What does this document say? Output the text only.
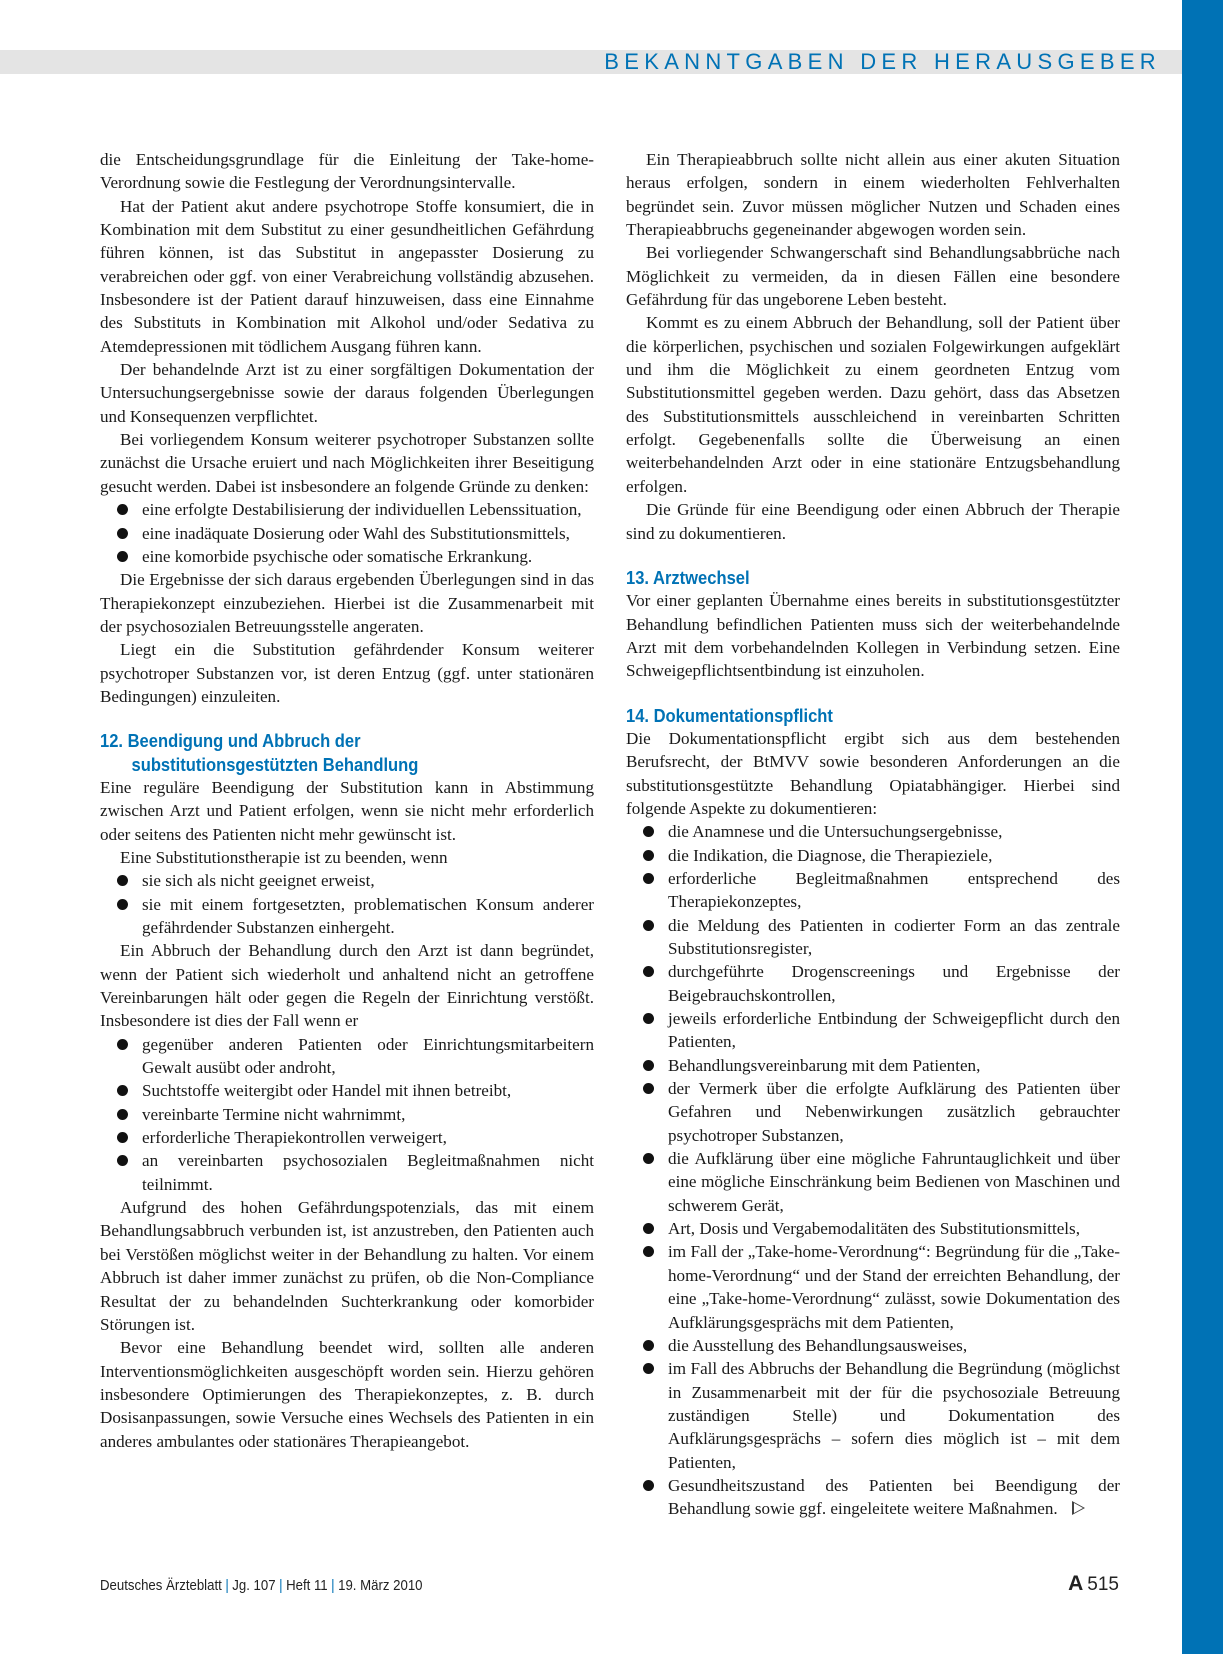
BEKANNTGABEN DER HERAUSGEBER

die Entscheidungsgrundlage für die Einleitung der Take-home-Verordnung sowie die Festlegung der Verordnungsintervalle.

Hat der Patient akut andere psychotrope Stoffe konsumiert, die in Kombination mit dem Substitut zu einer gesundheitlichen Gefährdung führen können, ist das Substitut in angepasster Dosierung zu verabreichen oder ggf. von einer Verabreichung vollständig abzusehen. Insbesondere ist der Patient darauf hinzuweisen, dass eine Einnahme des Substituts in Kombination mit Alkohol und/oder Sedativa zu Atemdepressionen mit tödlichem Ausgang führen kann.

Der behandelnde Arzt ist zu einer sorgfältigen Dokumentation der Untersuchungsergebnisse sowie der daraus folgenden Überlegungen und Konsequenzen verpflichtet.

Bei vorliegendem Konsum weiterer psychotroper Substanzen sollte zunächst die Ursache eruiert und nach Möglichkeiten ihrer Beseitigung gesucht werden. Dabei ist insbesondere an folgende Gründe zu denken:

eine erfolgte Destabilisierung der individuellen Lebenssituation,
eine inadäquate Dosierung oder Wahl des Substitutionsmittels,
eine komorbide psychische oder somatische Erkrankung.

Die Ergebnisse der sich daraus ergebenden Überlegungen sind in das Therapiekonzept einzubeziehen. Hierbei ist die Zusammenarbeit mit der psychosozialen Betreuungsstelle angeraten.

Liegt ein die Substitution gefährdender Konsum weiterer psychotroper Substanzen vor, ist deren Entzug (ggf. unter stationären Bedingungen) einzuleiten.

12. Beendigung und Abbruch der
substitutionsgestützten Behandlung

Eine reguläre Beendigung der Substitution kann in Abstimmung zwischen Arzt und Patient erfolgen, wenn sie nicht mehr erforderlich oder seitens des Patienten nicht mehr gewünscht ist.

Eine Substitutionstherapie ist zu beenden, wenn

sie sich als nicht geeignet erweist,
sie mit einem fortgesetzten, problematischen Konsum anderer gefährdender Substanzen einhergeht.

Ein Abbruch der Behandlung durch den Arzt ist dann begründet, wenn der Patient sich wiederholt und anhaltend nicht an getroffene Vereinbarungen hält oder gegen die Regeln der Einrichtung verstößt. Insbesondere ist dies der Fall wenn er

gegenüber anderen Patienten oder Einrichtungsmitarbeitern Gewalt ausübt oder androht,
Suchtstoffe weitergibt oder Handel mit ihnen betreibt,
vereinbarte Termine nicht wahrnimmt,
erforderliche Therapiekontrollen verweigert,
an vereinbarten psychosozialen Begleitmaßnahmen nicht teilnimmt.

Aufgrund des hohen Gefährdungspotenzials, das mit einem Behandlungsabbruch verbunden ist, ist anzustreben, den Patienten auch bei Verstößen möglichst weiter in der Behandlung zu halten. Vor einem Abbruch ist daher immer zunächst zu prüfen, ob die Non-Compliance Resultat der zu behandelnden Suchterkrankung oder komorbider Störungen ist.

Bevor eine Behandlung beendet wird, sollten alle anderen Interventionsmöglichkeiten ausgeschöpft worden sein. Hierzu gehören insbesondere Optimierungen des Therapiekonzeptes, z. B. durch Dosisanpassungen, sowie Versuche eines Wechsels des Patienten in ein anderes ambulantes oder stationäres Therapieangebot.

Ein Therapieabbruch sollte nicht allein aus einer akuten Situation heraus erfolgen, sondern in einem wiederholten Fehlverhalten begründet sein. Zuvor müssen möglicher Nutzen und Schaden eines Therapieabbruchs gegeneinander abgewogen worden sein.

Bei vorliegender Schwangerschaft sind Behandlungsabbrüche nach Möglichkeit zu vermeiden, da in diesen Fällen eine besondere Gefährdung für das ungeborene Leben besteht.

Kommt es zu einem Abbruch der Behandlung, soll der Patient über die körperlichen, psychischen und sozialen Folgewirkungen aufgeklärt und ihm die Möglichkeit zu einem geordneten Entzug vom Substitutionsmittel gegeben werden. Dazu gehört, dass das Absetzen des Substitutionsmittels ausschleichend in vereinbarten Schritten erfolgt. Gegebenenfalls sollte die Überweisung an einen weiterbehandelnden Arzt oder in eine stationäre Entzugsbehandlung erfolgen.

Die Gründe für eine Beendigung oder einen Abbruch der Therapie sind zu dokumentieren.

13. Arztwechsel

Vor einer geplanten Übernahme eines bereits in substitutionsgestützter Behandlung befindlichen Patienten muss sich der weiterbehandelnde Arzt mit dem vorbehandelnden Kollegen in Verbindung setzen. Eine Schweigepflichtsentbindung ist einzuholen.

14. Dokumentationspflicht

Die Dokumentationspflicht ergibt sich aus dem bestehenden Berufsrecht, der BtMVV sowie besonderen Anforderungen an die substitutionsgestützte Behandlung Opiatabhängiger. Hierbei sind folgende Aspekte zu dokumentieren:

die Anamnese und die Untersuchungsergebnisse,
die Indikation, die Diagnose, die Therapieziele,
erforderliche Begleitmaßnahmen entsprechend des Therapiekonzeptes,
die Meldung des Patienten in codierter Form an das zentrale Substitutionsregister,
durchgeführte Drogenscreenings und Ergebnisse der Beigebrauchskontrollen,
jeweils erforderliche Entbindung der Schweigepflicht durch den Patienten,
Behandlungsvereinbarung mit dem Patienten,
der Vermerk über die erfolgte Aufklärung des Patienten über Gefahren und Nebenwirkungen zusätzlich gebrauchter psychotroper Substanzen,
die Aufklärung über eine mögliche Fahruntauglichkeit und über eine mögliche Einschränkung beim Bedienen von Maschinen und schwerem Gerät,
Art, Dosis und Vergabemodalitäten des Substitutionsmittels,
im Fall der „Take-home-Verordnung“: Begründung für die „Take-home-Verordnung“ und der Stand der erreichten Behandlung, der eine „Take-home-Verordnung“ zulässt, sowie Dokumentation des Aufklärungsgesprächs mit dem Patienten,
die Ausstellung des Behandlungsausweises,
im Fall des Abbruchs der Behandlung die Begründung (möglichst in Zusammenarbeit mit der für die psychosoziale Betreuung zuständigen Stelle) und Dokumentation des Aufklärungsgesprächs – sofern dies möglich ist – mit dem Patienten,
Gesundheitszustand des Patienten bei Beendigung der Behandlung sowie ggf. eingeleitete weitere Maßnahmen.
Deutsches Ärzteblatt | Jg. 107 | Heft 11 | 19. März 2010	A 515
